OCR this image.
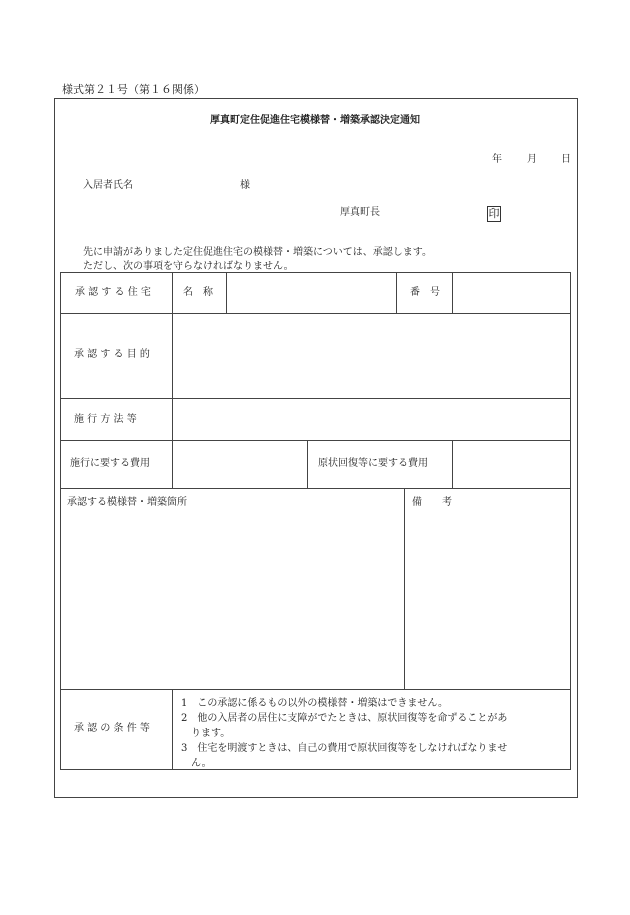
様式第２１号（第１６関係）
厚真町定住促進住宅模様替・増築承認決定通知
年	月 日
入居者氏名	様
厚真町長	印
先に申請がありました定住促進住宅の模様替・増築については、承認します。
ただし、次の事項を守らなければなりません。
承 認 す る 住 宅	名　称	番　号
承 認 す る 目 的
施 行 方 法 等
施行に要する費用	原状回復等に要する費用
承認する模様替・増築箇所	備　　考
承 認 の 条 件 等
1　この承認に係るもの以外の模様替・増築はできません。
2　他の入居者の居住に支障がでたときは、原状回復等を命ずることがあ
　ります。
3　住宅を明渡すときは、自己の費用で原状回復等をしなければなりませ
　ん。
